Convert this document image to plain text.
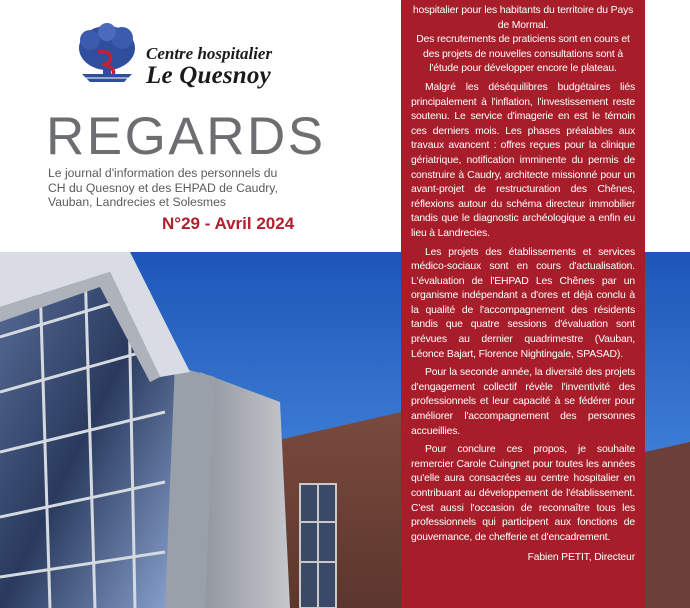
Centre hospitalier
Le Quesnoy
REGARDS
Le journal d'information des personnels du CH du Quesnoy et des EHPAD de Caudry, Vauban, Landrecies et Solesmes
N°29 - Avril 2024

hospitalier pour les habitants du territoire du Pays de Mormal.

Des recrutements de praticiens sont en cours et des projets de nouvelles consultations sont à l'étude pour développer encore le plateau.

Malgré les déséquilibres budgétaires liés principalement à l'inflation, l'investissement reste soutenu. Le service d'imagerie en est le témoin ces derniers mois. Les phases préalables aux travaux avancent : offres reçues pour la clinique gériatrique, notification imminente du permis de construire à Caudry, architecte missionné pour un avant-projet de restructuration des Chênes, réflexions autour du schéma directeur immobilier tandis que le diagnostic archéologique a enfin eu lieu à Landrecies.

Les projets des établissements et services médico-sociaux sont en cours d'actualisation. L'évaluation de l'EHPAD Les Chênes par un organisme indépendant a d'ores et déjà conclu à la qualité de l'accompagnement des résidents tandis que quatre sessions d'évaluation sont prévues au dernier quadrimestre (Vauban, Léonce Bajart, Florence Nightingale, SPASAD).

Pour la seconde année, la diversité des projets d'engagement collectif révèle l'inventivité des professionnels et leur capacité à se fédérer pour améliorer l'accompagnement des personnes accueillies.

Pour conclure ces propos, je souhaite remercier Carole Cuingnet pour toutes les années qu'elle aura consacrées au centre hospitalier en contribuant au développement de l'établissement. C'est aussi l'occasion de reconnaître tous les professionnels qui participent aux fonctions de gouvernance, de chefferie et d'encadrement.

Fabien PETIT, Directeur
